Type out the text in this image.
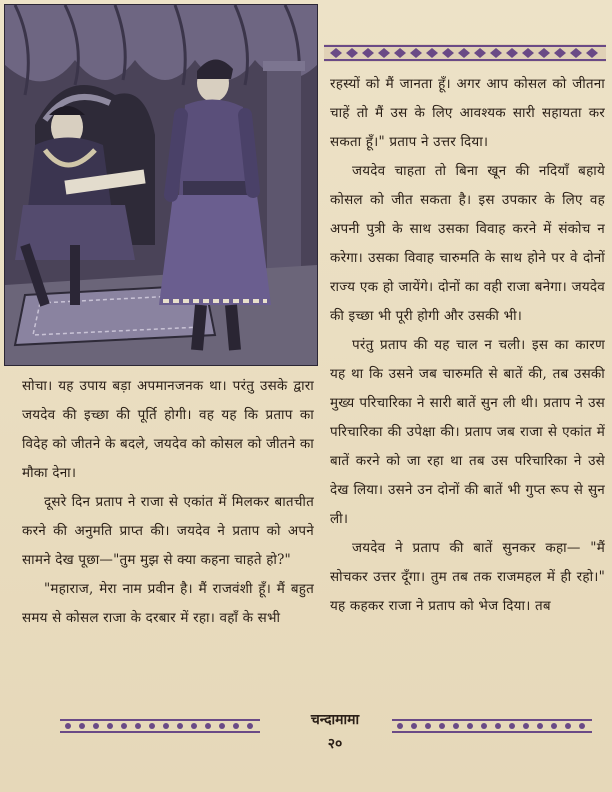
रहस्यों को मैं जानता हूँ। अगर आप कोसल को जीतना चाहें तो मैं उस के लिए आवश्यक सारी सहायता कर सकता हूँ।" प्रताप ने उत्तर दिया।

जयदेव चाहता तो बिना खून की नदियाँ बहाये कोसल को जीत सकता है। इस उपकार के लिए वह अपनी पुत्री के साथ उसका विवाह करने में संकोच न करेगा। उसका विवाह चारुमति के साथ होने पर वे दोनों राज्य एक हो जायेंगे। दोनों का वही राजा बनेगा। जयदेव की इच्छा भी पूरी होगी और उसकी भी।

परंतु प्रताप की यह चाल न चली। इस का कारण यह था कि उसने जब चारुमति से बातें की, तब उसकी मुख्य परिचारिका ने सारी बातें सुन ली थी। प्रताप ने उस परिचारिका की उपेक्षा की। प्रताप जब राजा से एकांत में बातें करने को जा रहा था तब उस परिचारिका ने उसे देख लिया। उसने उन दोनों की बातें भी गुप्त रूप से सुन ली।

जयदेव ने प्रताप की बातें सुनकर कहा— "मैं सोचकर उत्तर दूँगा। तुम तब तक राजमहल में ही रहो।" यह कहकर राजा ने प्रताप को भेज दिया। तब

सोचा। यह उपाय बड़ा अपमानजनक था। परंतु उसके द्वारा जयदेव की इच्छा की पूर्ति होगी। वह यह कि प्रताप का विदेह को जीतने के बदले, जयदेव को कोसल को जीतने का मौका देना।

दूसरे दिन प्रताप ने राजा से एकांत में मिलकर बातचीत करने की अनुमति प्राप्त की। जयदेव ने प्रताप को अपने सामने देख पूछा—"तुम मुझ से क्या कहना चाहते हो?"

"महाराज, मेरा नाम प्रवीन है। मैं राजवंशी हूँ। मैं बहुत समय से कोसल राजा के दरबार में रहा। वहाँ के सभी

चन्दामामा
२०
